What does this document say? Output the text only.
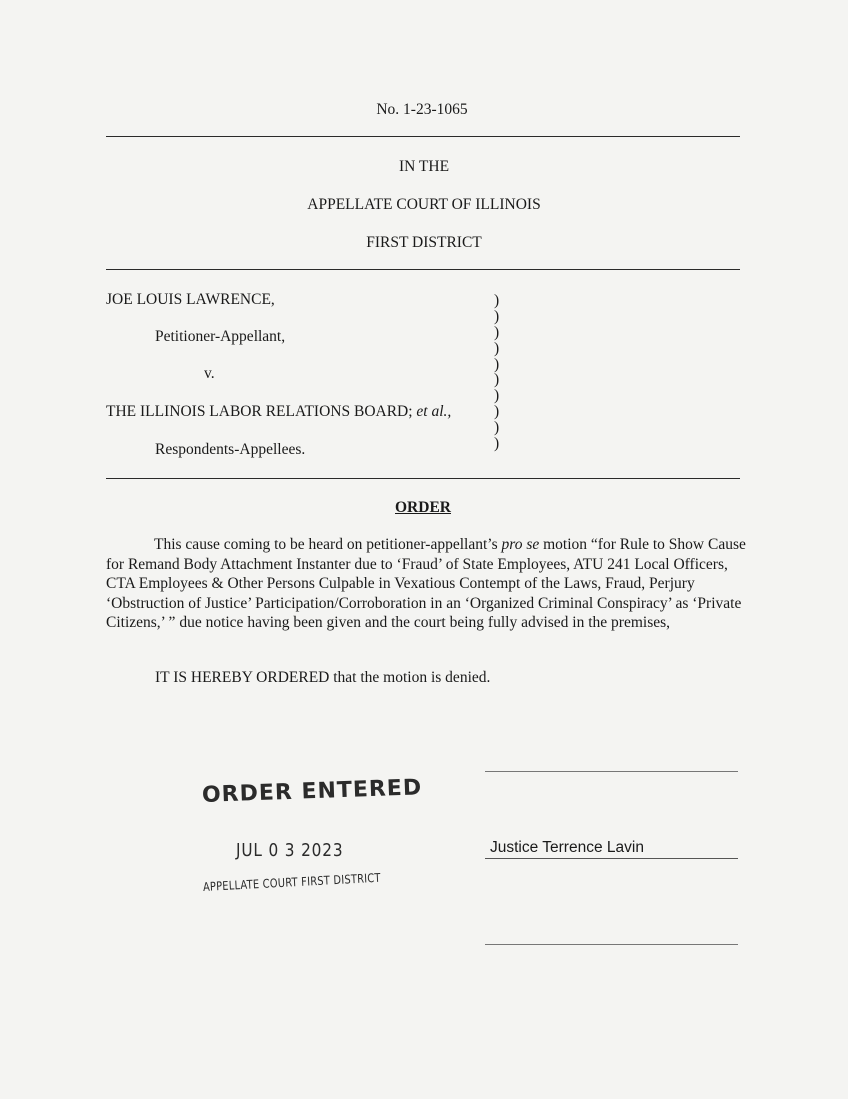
No. 1-23-1065
IN THE
APPELLATE COURT OF ILLINOIS
FIRST DISTRICT
JOE LOUIS LAWRENCE,
Petitioner-Appellant,
v.
THE ILLINOIS LABOR RELATIONS BOARD; et al.,
Respondents-Appellees.
)
)
)
)
)
)
)
)
)
)
ORDER
This cause coming to be heard on petitioner-appellant’s pro se motion “for Rule to Show Cause for Remand Body Attachment Instanter due to ‘Fraud’ of State Employees, ATU 241 Local Officers, CTA Employees & Other Persons Culpable in Vexatious Contempt of the Laws, Fraud, Perjury ‘Obstruction of Justice’ Participation/Corroboration in an ‘Organized Criminal Conspiracy’ as ‘Private Citizens,’ ” due notice having been given and the court being fully advised in the premises,
IT IS HEREBY ORDERED that the motion is denied.
ORDER ENTERED
JUL 0 3 2023
APPELLATE COURT FIRST DISTRICT
Justice Terrence Lavin
